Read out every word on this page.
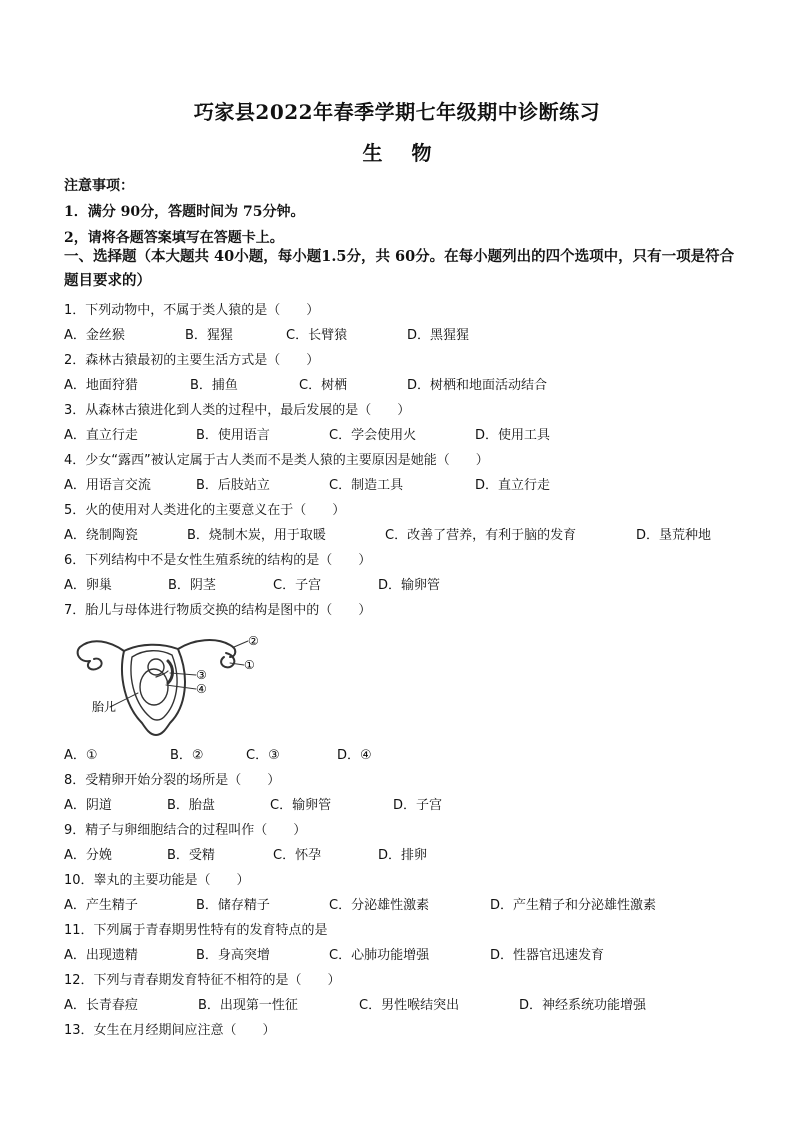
巧家县2022年春季学期七年级期中诊断练习
生 物
注意事项：
1．满分 90分，答题时间为 75分钟。
2，请将各题答案填写在答题卡上。
一、选择题（本大题共 40小题，每小题1.5分，共 60分。在每小题列出的四个选项中，只有一项是符合题目要求的）
1．下列动物中，不属于类人猿的是（　　）
A．金丝猴	B．猩猩	C．长臂猿	D．黑猩猩
2．森林古猿最初的主要生活方式是（　　）
A．地面狩猎	B．捕鱼	C．树栖	D．树栖和地面活动结合
3．从森林古猿进化到人类的过程中，最后发展的是（　　）
A．直立行走	B．使用语言	C．学会使用火	D．使用工具
4．少女“露西”被认定属于古人类而不是类人猿的主要原因是她能（　　）
A．用语言交流	B．后肢站立	C．制造工具	D．直立行走
5．火的使用对人类进化的主要意义在于（　　）
A．绕制陶瓷	B．烧制木炭，用于取暖	C．改善了营养，有利于脑的发育	D．垦荒种地
6．下列结构中不是女性生殖系统的结构的是（　　）
A．卵巢	B．阴茎	C．子宫	D．输卵管
7．胎儿与母体进行物质交换的结构是图中的（　　）
②
③
①
④
胎儿
A．①	B．②	C．③	D．④
8．受精卵开始分裂的场所是（　　）
A．阴道	B．胎盘	C．输卵管	D．子宫
9．精子与卵细胞结合的过程叫作（　　）
A．分娩	B．受精	C．怀孕	D．排卵
10．睾丸的主要功能是（　　）
A．产生精子	B．储存精子	C．分泌雄性激素	D．产生精子和分泌雄性激素
11．下列属于青春期男性特有的发育特点的是
A．出现遗精	B．身高突增	C．心肺功能增强	D．性器官迅速发育
12．下列与青春期发育特征不相符的是（　　）
A．长青春痘	B．出现第一性征	C．男性喉结突出	D．神经系统功能增强
13．女生在月经期间应注意（　　）
